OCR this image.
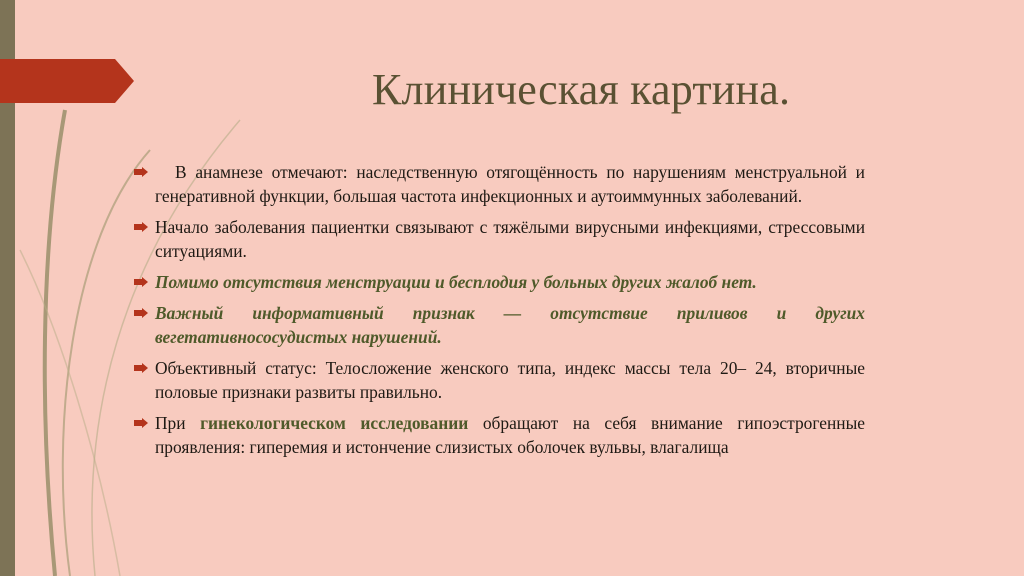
Клиническая картина.
В анамнезе отмечают: наследственную отягощённость по нарушениям менструальной и генеративной функции, большая частота инфекционных и аутоиммунных заболеваний.
Начало заболевания пациентки связывают с тяжёлыми вирусными инфекциями, стрессовыми ситуациями.
Помимо отсутствия менструации и бесплодия у больных других жалоб нет.
Важный информативный признак — отсутствие приливов и других вегетативнососудистых нарушений.
Объективный статус: Телосложение женского типа, индекс массы тела 20– 24, вторичные половые признаки развиты правильно.
При гинекологическом исследовании обращают на себя внимание гипоэстрогенные проявления: гиперемия и истончение слизистых оболочек вульвы, влагалища
